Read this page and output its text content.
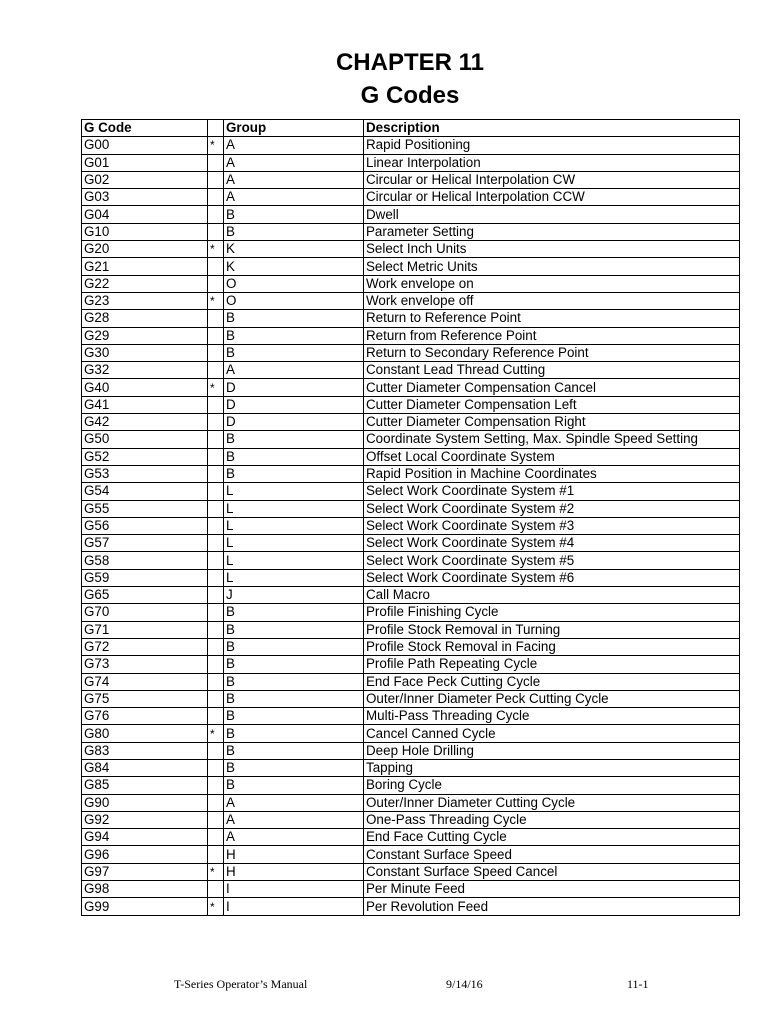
CHAPTER 11
G Codes
G Code		Group	Description
G00	*	A	Rapid Positioning
G01		A	Linear Interpolation
G02		A	Circular or Helical Interpolation CW
G03		A	Circular or Helical Interpolation CCW
G04		B	Dwell
G10		B	Parameter Setting
G20	*	K	Select Inch Units
G21		K	Select Metric Units
G22		O	Work envelope on
G23	*	O	Work envelope off
G28		B	Return to Reference Point
G29		B	Return from Reference Point
G30		B	Return to Secondary Reference Point
G32		A	Constant Lead Thread Cutting
G40	*	D	Cutter Diameter Compensation Cancel
G41		D	Cutter Diameter Compensation Left
G42		D	Cutter Diameter Compensation Right
G50		B	Coordinate System Setting, Max. Spindle Speed Setting
G52		B	Offset Local Coordinate System
G53		B	Rapid Position in Machine Coordinates
G54		L	Select Work Coordinate System #1
G55		L	Select Work Coordinate System #2
G56		L	Select Work Coordinate System #3
G57		L	Select Work Coordinate System #4
G58		L	Select Work Coordinate System #5
G59		L	Select Work Coordinate System #6
G65		J	Call Macro
G70		B	Profile Finishing Cycle
G71		B	Profile Stock Removal in Turning
G72		B	Profile Stock Removal in Facing
G73		B	Profile Path Repeating Cycle
G74		B	End Face Peck Cutting Cycle
G75		B	Outer/Inner Diameter Peck Cutting Cycle
G76		B	Multi-Pass Threading Cycle
G80	*	B	Cancel Canned Cycle
G83		B	Deep Hole Drilling
G84		B	Tapping
G85		B	Boring Cycle
G90		A	Outer/Inner Diameter Cutting Cycle
G92		A	One-Pass Threading Cycle
G94		A	End Face Cutting Cycle
G96		H	Constant Surface Speed
G97	*	H	Constant Surface Speed Cancel
G98		I	Per Minute Feed
G99	*	I	Per Revolution Feed
T-Series Operator’s Manual	9/14/16	11-1
